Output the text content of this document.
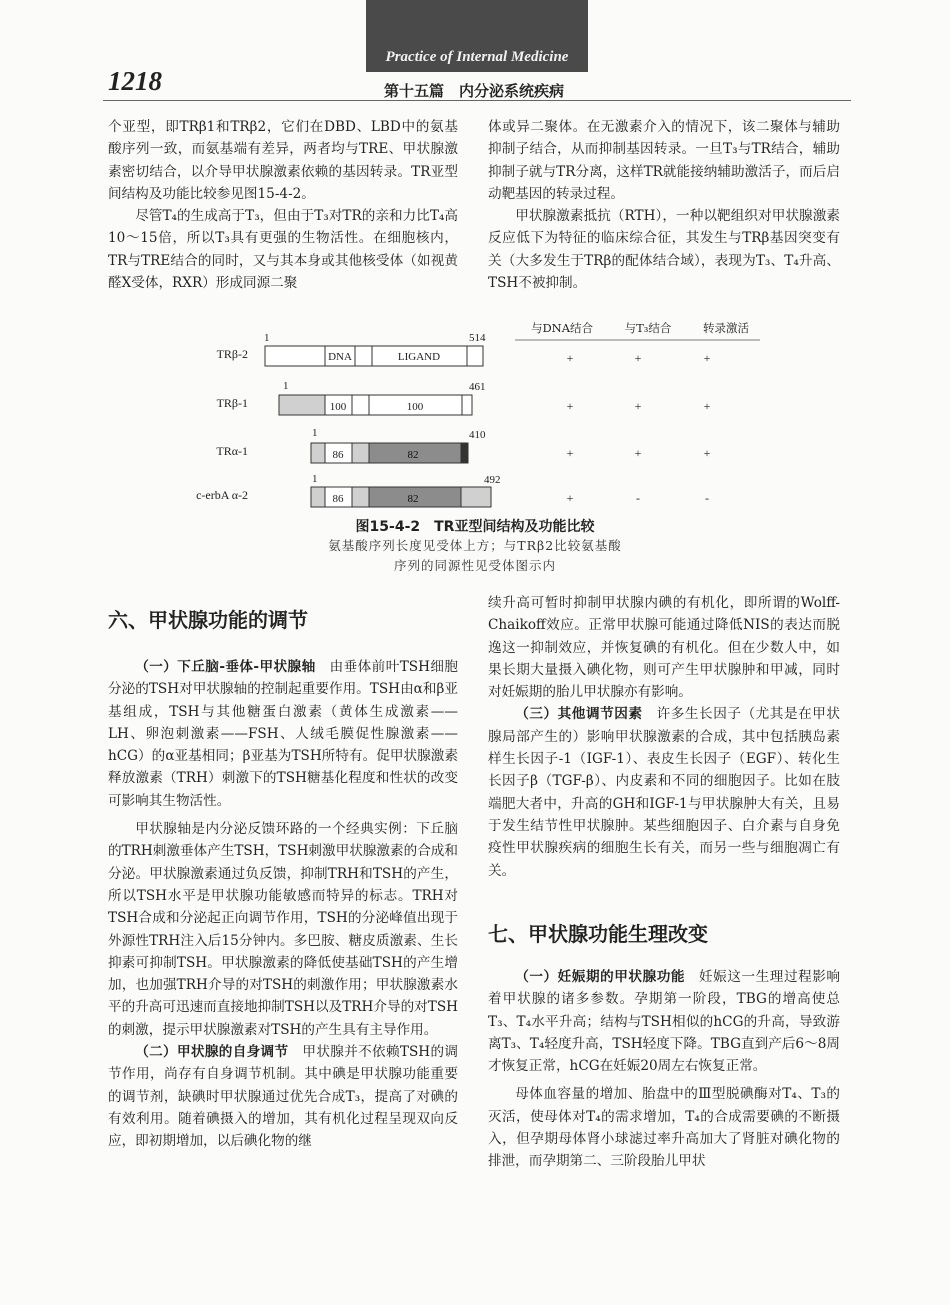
Practice of Internal Medicine
1218	第十五篇　内分泌系统疾病

个亚型，即TRβ1和TRβ2，它们在DBD、LBD中的氨基酸序列一致，而氨基端有差异，两者均与TRE、甲状腺激素密切结合，以介导甲状腺激素依赖的基因转录。TR亚型间结构及功能比较参见图15-4-2。

尽管T₄的生成高于T₃，但由于T₃对TR的亲和力比T₄高10～15倍，所以T₃具有更强的生物活性。在细胞核内，TR与TRE结合的同时，又与其本身或其他核受体（如视黄醛X受体，RXR）形成同源二聚

体或异二聚体。在无激素介入的情况下，该二聚体与辅助抑制子结合，从而抑制基因转录。一旦T₃与TR结合，辅助抑制子就与TR分离，这样TR就能接纳辅助激活子，而后启动靶基因的转录过程。

甲状腺激素抵抗（RTH），一种以靶组织对甲状腺激素反应低下为特征的临床综合征，其发生与TRβ基因突变有关（大多发生于TRβ的配体结合域），表现为T₃、T₄升高、TSH不被抑制。

与DNA结合	与T₃结合	转录激活
TRβ-2
1	514
DNA	LIGAND	+	+	+
TRβ-1
1	461
100	100	+	+	+
TRα-1
1	410
86	82	+	+	+
c-erbA α-2
1	492
86	82	+	-	-
图15-4-2　TR亚型间结构及功能比较
氨基酸序列长度见受体上方；与TRβ2比较氨基酸
序列的同源性见受体图示内
六、甲状腺功能的调节

（一）下丘脑-垂体-甲状腺轴 由垂体前叶TSH细胞分泌的TSH对甲状腺轴的控制起重要作用。TSH由α和β亚基组成，TSH与其他糖蛋白激素（黄体生成激素——LH、卵泡刺激素——FSH、人绒毛膜促性腺激素——hCG）的α亚基相同；β亚基为TSH所特有。促甲状腺激素释放激素（TRH）刺激下的TSH糖基化程度和性状的改变可影响其生物活性。

甲状腺轴是内分泌反馈环路的一个经典实例：下丘脑的TRH刺激垂体产生TSH，TSH刺激甲状腺激素的合成和分泌。甲状腺激素通过负反馈，抑制TRH和TSH的产生，所以TSH水平是甲状腺功能敏感而特异的标志。TRH对TSH合成和分泌起正向调节作用，TSH的分泌峰值出现于外源性TRH注入后15分钟内。多巴胺、糖皮质激素、生长抑素可抑制TSH。甲状腺激素的降低使基础TSH的产生增加，也加强TRH介导的对TSH的刺激作用；甲状腺激素水平的升高可迅速而直接地抑制TSH以及TRH介导的对TSH的刺激，提示甲状腺激素对TSH的产生具有主导作用。

（二）甲状腺的自身调节 甲状腺并不依赖TSH的调节作用，尚存有自身调节机制。其中碘是甲状腺功能重要的调节剂，缺碘时甲状腺通过优先合成T₃，提高了对碘的有效利用。随着碘摄入的增加，其有机化过程呈现双向反应，即初期增加，以后碘化物的继

续升高可暂时抑制甲状腺内碘的有机化，即所谓的Wolff-Chaikoff效应。正常甲状腺可能通过降低NIS的表达而脱逸这一抑制效应，并恢复碘的有机化。但在少数人中，如果长期大量摄入碘化物，则可产生甲状腺肿和甲减，同时对妊娠期的胎儿甲状腺亦有影响。

（三）其他调节因素 许多生长因子（尤其是在甲状腺局部产生的）影响甲状腺激素的合成，其中包括胰岛素样生长因子-1（IGF-1）、表皮生长因子（EGF）、转化生长因子β（TGF-β）、内皮素和不同的细胞因子。比如在肢端肥大者中，升高的GH和IGF-1与甲状腺肿大有关，且易于发生结节性甲状腺肿。某些细胞因子、白介素与自身免疫性甲状腺疾病的细胞生长有关，而另一些与细胞凋亡有关。

七、甲状腺功能生理改变

（一）妊娠期的甲状腺功能 妊娠这一生理过程影响着甲状腺的诸多参数。孕期第一阶段，TBG的增高使总T₃、T₄水平升高；结构与TSH相似的hCG的升高，导致游离T₃、T₄轻度升高，TSH轻度下降。TBG直到产后6～8周才恢复正常，hCG在妊娠20周左右恢复正常。

母体血容量的增加、胎盘中的Ⅲ型脱碘酶对T₄、T₃的灭活，使母体对T₄的需求增加，T₄的合成需要碘的不断摄入，但孕期母体肾小球滤过率升高加大了肾脏对碘化物的排泄，而孕期第二、三阶段胎儿甲状
